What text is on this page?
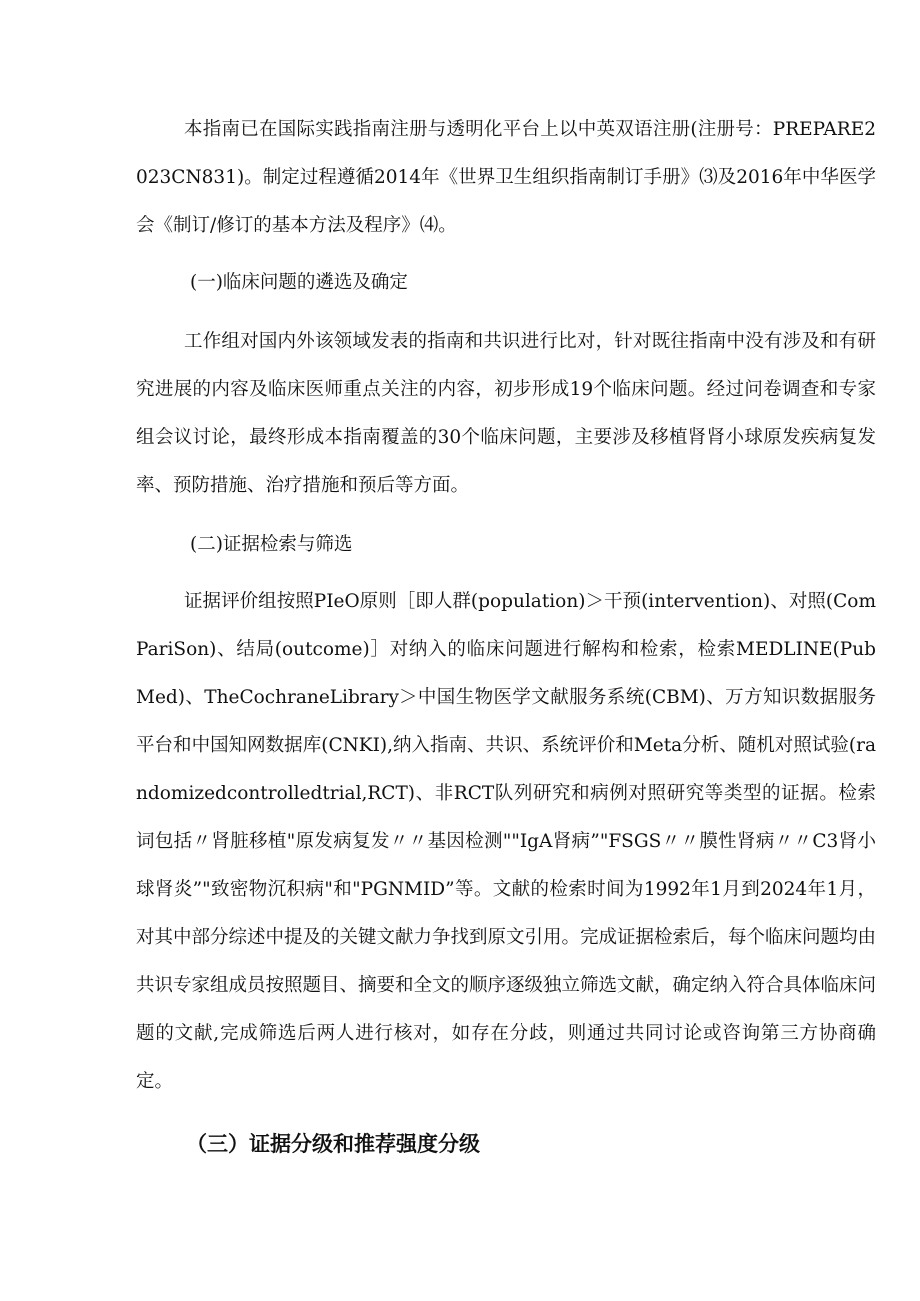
本指南已在国际实践指南注册与透明化平台上以中英双语注册(注册号：PREPARE2023CN831)。制定过程遵循2014年《世界卫生组织指南制订手册》⑶及2016年中华医学会《制订/修订的基本方法及程序》⑷。

(一)临床问题的遴选及确定

工作组对国内外该领域发表的指南和共识进行比对，针对既往指南中没有涉及和有研究进展的内容及临床医师重点关注的内容，初步形成19个临床问题。经过问卷调查和专家组会议讨论，最终形成本指南覆盖的30个临床问题，主要涉及移植肾肾小球原发疾病复发率、预防措施、治疗措施和预后等方面。

(二)证据检索与筛选

证据评价组按照PIeO原则［即人群(population)＞干预(intervention)、对照(ComPariSon)、结局(outcome)］对纳入的临床问题进行解构和检索，检索MEDLINE(PubMed)、TheCochraneLibrary＞中国生物医学文献服务系统(CBM)、万方知识数据服务平台和中国知网数据库(CNKI),纳入指南、共识、系统评价和Meta分析、随机对照试验(randomizedcontrolledtrial,RCT)、非RCT队列研究和病例对照研究等类型的证据。检索词包括〃肾脏移植"原发病复发〃〃基因检测""IgA肾病”"FSGS〃〃膜性肾病〃〃C3肾小球肾炎”"致密物沉积病"和"PGNMID”等。文献的检索时间为1992年1月到2024年1月，对其中部分综述中提及的关键文献力争找到原文引用。完成证据检索后，每个临床问题均由共识专家组成员按照题目、摘要和全文的顺序逐级独立筛选文献，确定纳入符合具体临床问题的文献,完成筛选后两人进行核对，如存在分歧，则通过共同讨论或咨询第三方协商确定。

（三）证据分级和推荐强度分级
